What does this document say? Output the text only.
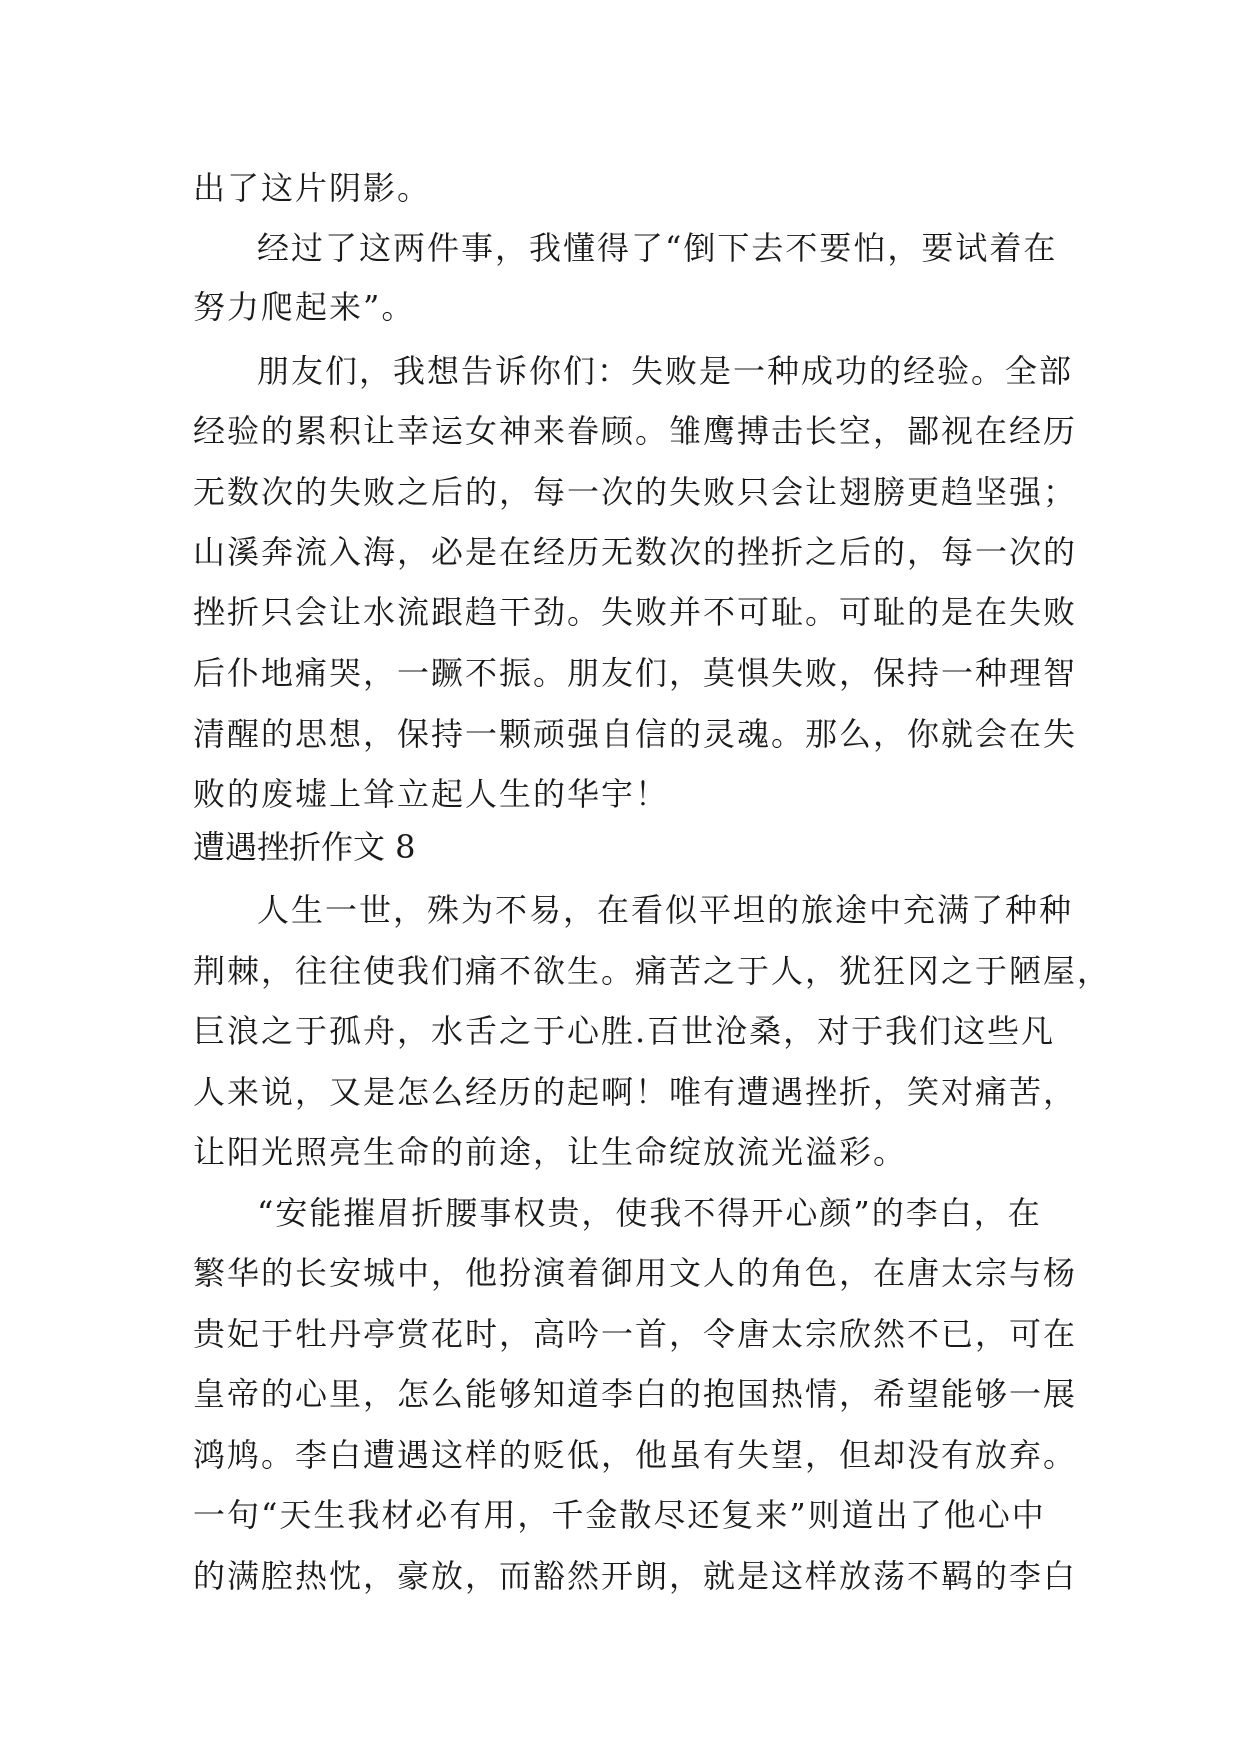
出了这片阴影。
经过了这两件事，我懂得了“倒下去不要怕，要试着在
努力爬起来”。
朋友们，我想告诉你们：失败是一种成功的经验。全部
经验的累积让幸运女神来眷顾。雏鹰搏击长空，鄙视在经历
无数次的失败之后的，每一次的失败只会让翅膀更趋坚强；
山溪奔流入海，必是在经历无数次的挫折之后的，每一次的
挫折只会让水流跟趋干劲。失败并不可耻。可耻的是在失败
后仆地痛哭，一蹶不振。朋友们，莫惧失败，保持一种理智
清醒的思想，保持一颗顽强自信的灵魂。那么，你就会在失
败的废墟上耸立起人生的华宇！
遭遇挫折作文 8
人生一世，殊为不易，在看似平坦的旅途中充满了种种
荆棘，往往使我们痛不欲生。痛苦之于人，犹狂冈之于陋屋，
巨浪之于孤舟，水舌之于心胜.百世沧桑，对于我们这些凡
人来说，又是怎么经历的起啊！唯有遭遇挫折，笑对痛苦，
让阳光照亮生命的前途，让生命绽放流光溢彩。
“安能摧眉折腰事权贵，使我不得开心颜”的李白，在
繁华的长安城中，他扮演着御用文人的角色，在唐太宗与杨
贵妃于牡丹亭赏花时，高吟一首，令唐太宗欣然不已，可在
皇帝的心里，怎么能够知道李白的抱国热情，希望能够一展
鸿鸠。李白遭遇这样的贬低，他虽有失望，但却没有放弃。
一句“天生我材必有用，千金散尽还复来”则道出了他心中
的满腔热忱，豪放，而豁然开朗，就是这样放荡不羁的李白
